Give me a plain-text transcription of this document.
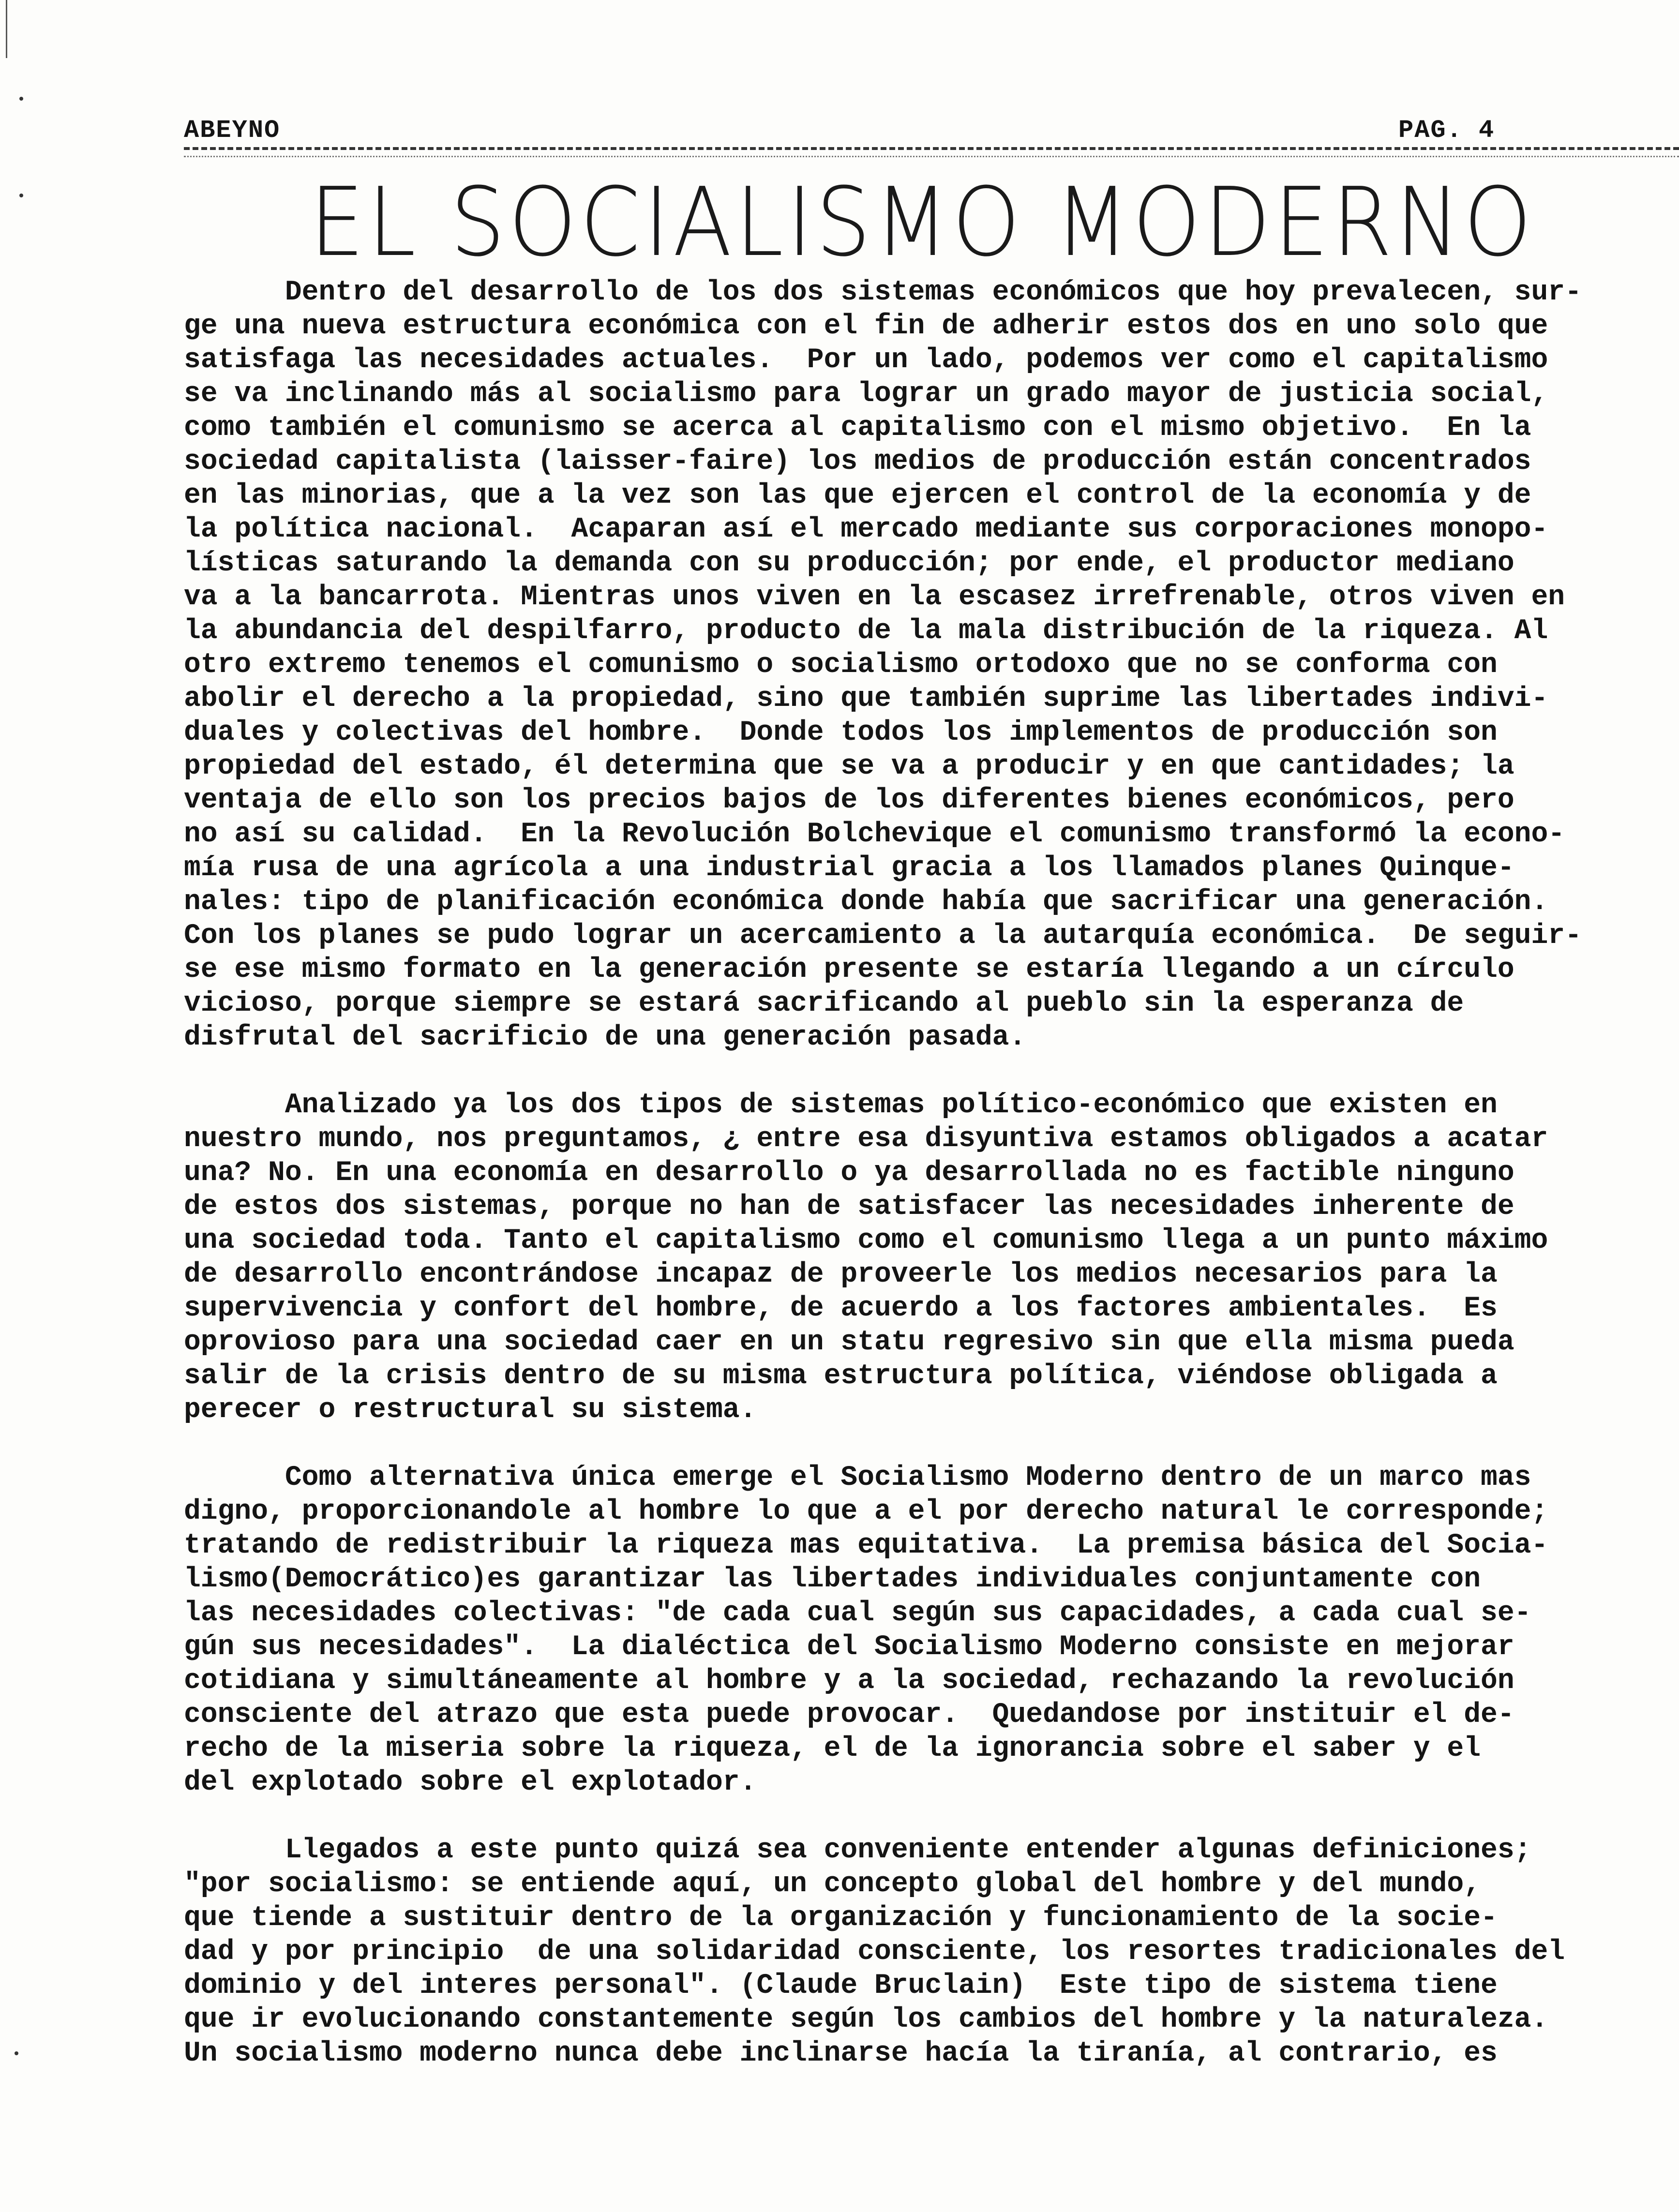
ABEYNO	PAG. 4
EL SOCIALISMO MODERNO
Dentro del desarrollo de los dos sistemas económicos que hoy prevalecen, sur-
ge una nueva estructura económica con el fin de adherir estos dos en uno solo que
satisfaga las necesidades actuales.  Por un lado, podemos ver como el capitalismo
se va inclinando más al socialismo para lograr un grado mayor de justicia social,
como también el comunismo se acerca al capitalismo con el mismo objetivo.  En la
sociedad capitalista (laisser-faire) los medios de producción están concentrados
en las minorias, que a la vez son las que ejercen el control de la economía y de
la política nacional.  Acaparan así el mercado mediante sus corporaciones monopo-
lísticas saturando la demanda con su producción; por ende, el productor mediano
va a la bancarrota. Mientras unos viven en la escasez irrefrenable, otros viven en
la abundancia del despilfarro, producto de la mala distribución de la riqueza. Al
otro extremo tenemos el comunismo o socialismo ortodoxo que no se conforma con
abolir el derecho a la propiedad, sino que también suprime las libertades indivi-
duales y colectivas del hombre.  Donde todos los implementos de producción son
propiedad del estado, él determina que se va a producir y en que cantidades; la
ventaja de ello son los precios bajos de los diferentes bienes económicos, pero
no así su calidad.  En la Revolución Bolchevique el comunismo transformó la econo-
mía rusa de una agrícola a una industrial gracia a los llamados planes Quinque-
nales: tipo de planificación económica donde había que sacrificar una generación.
Con los planes se pudo lograr un acercamiento a la autarquía económica.  De seguir-
se ese mismo formato en la generación presente se estaría llegando a un círculo
vicioso, porque siempre se estará sacrificando al pueblo sin la esperanza de
disfrutal del sacrificio de una generación pasada.
Analizado ya los dos tipos de sistemas político-económico que existen en
nuestro mundo, nos preguntamos, ¿ entre esa disyuntiva estamos obligados a acatar
una? No. En una economía en desarrollo o ya desarrollada no es factible ninguno
de estos dos sistemas, porque no han de satisfacer las necesidades inherente de
una sociedad toda. Tanto el capitalismo como el comunismo llega a un punto máximo
de desarrollo encontrándose incapaz de proveerle los medios necesarios para la
supervivencia y confort del hombre, de acuerdo a los factores ambientales.  Es
oprovioso para una sociedad caer en un statu regresivo sin que ella misma pueda
salir de la crisis dentro de su misma estructura política, viéndose obligada a
perecer o restructural su sistema.
Como alternativa única emerge el Socialismo Moderno dentro de un marco mas
digno, proporcionandole al hombre lo que a el por derecho natural le corresponde;
tratando de redistribuir la riqueza mas equitativa.  La premisa básica del Socia-
lismo(Democrático)es garantizar las libertades individuales conjuntamente con
las necesidades colectivas: "de cada cual según sus capacidades, a cada cual se-
gún sus necesidades".  La dialéctica del Socialismo Moderno consiste en mejorar
cotidiana y simultáneamente al hombre y a la sociedad, rechazando la revolución
consciente del atrazo que esta puede provocar.  Quedandose por instituir el de-
recho de la miseria sobre la riqueza, el de la ignorancia sobre el saber y el
del explotado sobre el explotador.
Llegados a este punto quizá sea conveniente entender algunas definiciones;
"por socialismo: se entiende aquí, un concepto global del hombre y del mundo,
que tiende a sustituir dentro de la organización y funcionamiento de la socie-
dad y por principio  de una solidaridad consciente, los resortes tradicionales del
dominio y del interes personal". (Claude Bruclain)  Este tipo de sistema tiene
que ir evolucionando constantemente según los cambios del hombre y la naturaleza.
Un socialismo moderno nunca debe inclinarse hacía la tiranía, al contrario, es
